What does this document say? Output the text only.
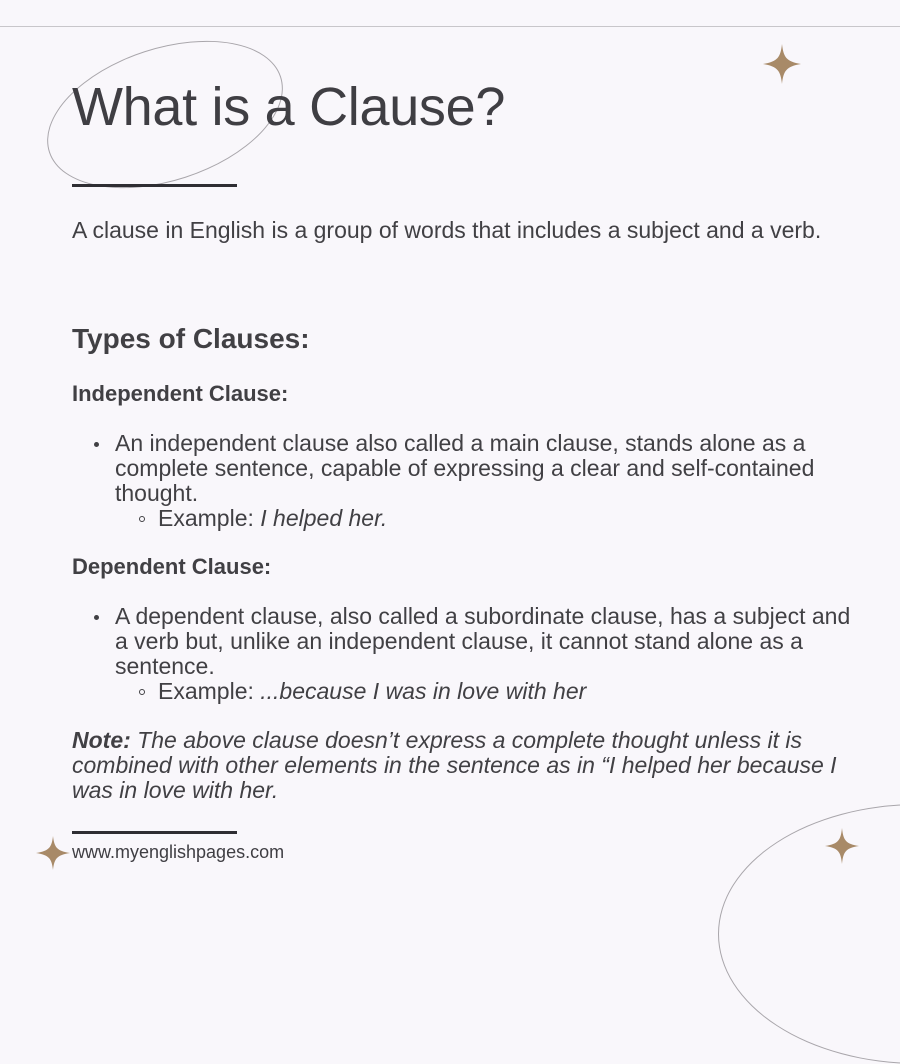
What is a Clause?

A clause in English is a group of words that includes a subject and a verb.

Types of Clauses:
Independent Clause:
An independent clause also called a main clause, stands alone as a complete sentence, capable of expressing a clear and self-contained thought.
Example: I helped her.
Dependent Clause:
A dependent clause, also called a subordinate clause, has a subject and a verb but, unlike an independent clause, it cannot stand alone as a sentence.
Example: ...because I was in love with her

Note: The above clause doesn’t express a complete thought unless it is combined with other elements in the sentence as in “I helped her because I was in love with her.

www.myenglishpages.com
